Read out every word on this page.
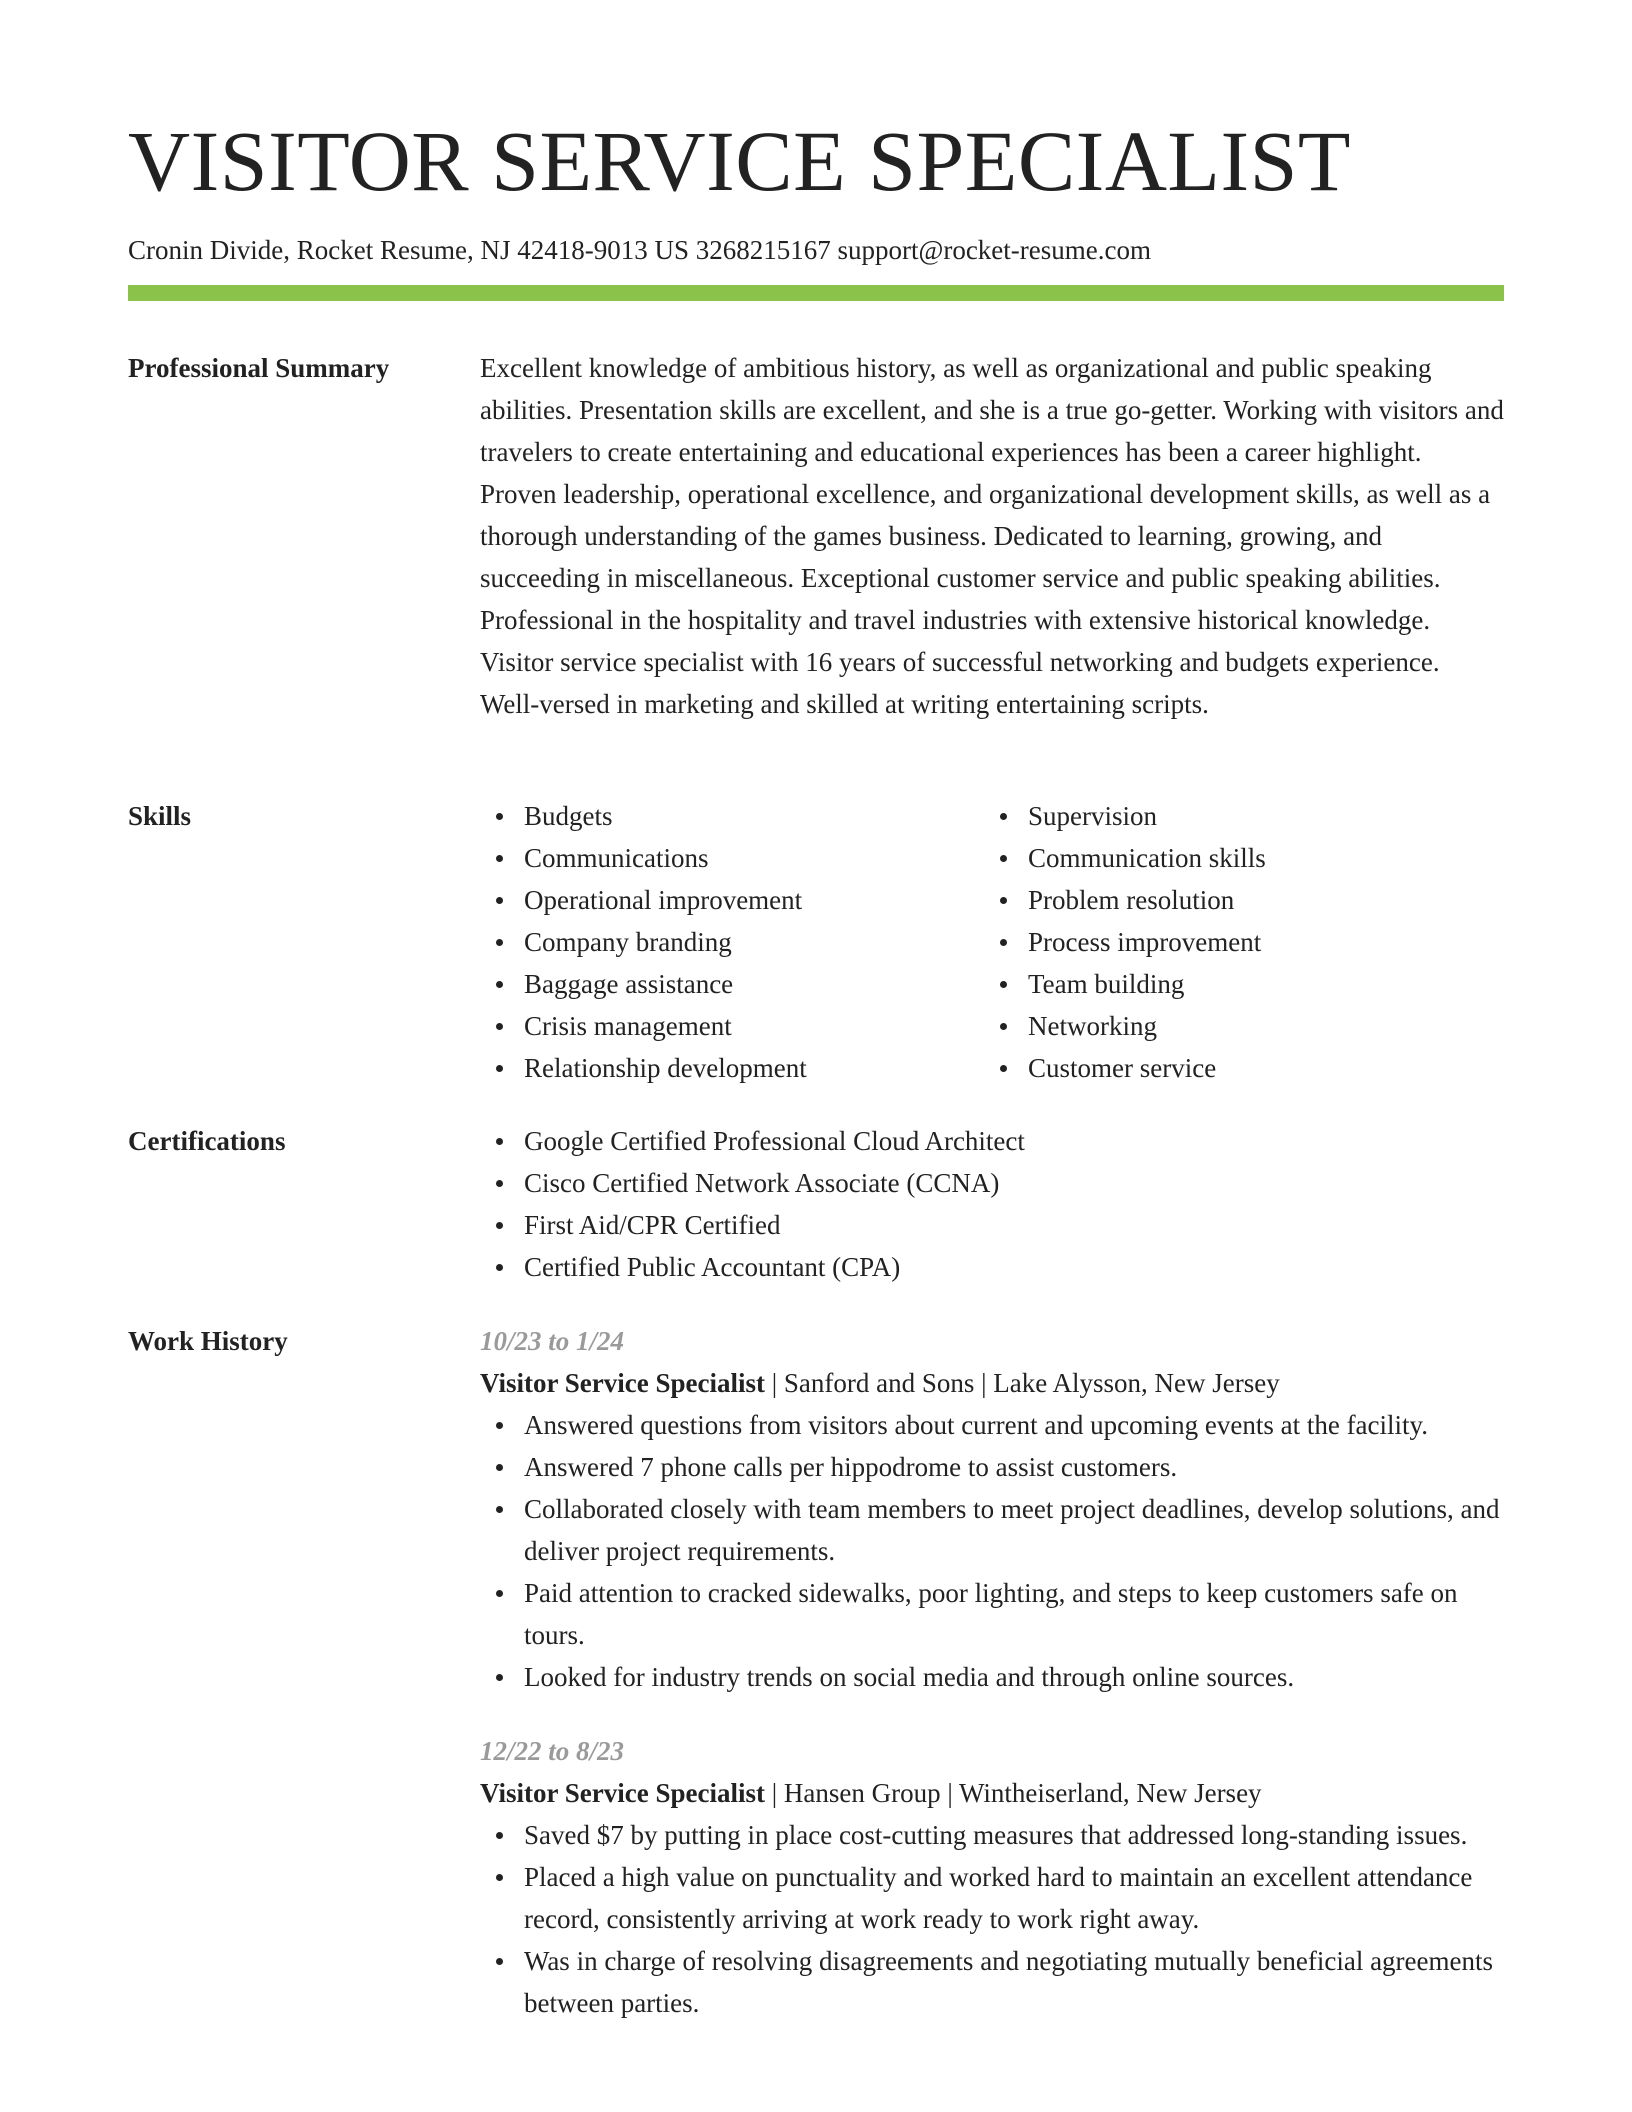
VISITOR SERVICE SPECIALIST
Cronin Divide, Rocket Resume, NJ 42418-9013 US 3268215167 support@rocket-resume.com
Professional Summary	Excellent knowledge of ambitious history, as well as organizational and public speaking abilities. Presentation skills are excellent, and she is a true go-getter. Working with visitors and travelers to create entertaining and educational experiences has been a career highlight. Proven leadership, operational excellence, and organizational development skills, as well as a thorough understanding of the games business. Dedicated to learning, growing, and succeeding in miscellaneous. Exceptional customer service and public speaking abilities. Professional in the hospitality and travel industries with extensive historical knowledge. Visitor service specialist with 16 years of successful networking and budgets experience. Well-versed in marketing and skilled at writing entertaining scripts.

Skills	Budgets
Communications
Operational improvement
Company branding
Baggage assistance
Crisis management
Relationship development
Supervision
Communication skills
Problem resolution
Process improvement
Team building
Networking
Customer service
Certifications	Google Certified Professional Cloud Architect
Cisco Certified Network Associate (CCNA)
First Aid/CPR Certified
Certified Public Accountant (CPA)
Work History	10/23 to 1/24
Visitor Service Specialist | Sanford and Sons | Lake Alysson, New Jersey
Answered questions from visitors about current and upcoming events at the facility.
Answered 7 phone calls per hippodrome to assist customers.
Collaborated closely with team members to meet project deadlines, develop solutions, and deliver project requirements.
Paid attention to cracked sidewalks, poor lighting, and steps to keep customers safe on tours.
Looked for industry trends on social media and through online sources.
12/22 to 8/23
Visitor Service Specialist | Hansen Group | Wintheiserland, New Jersey
Saved $7 by putting in place cost-cutting measures that addressed long-standing issues.
Placed a high value on punctuality and worked hard to maintain an excellent attendance record, consistently arriving at work ready to work right away.
Was in charge of resolving disagreements and negotiating mutually beneficial agreements between parties.
